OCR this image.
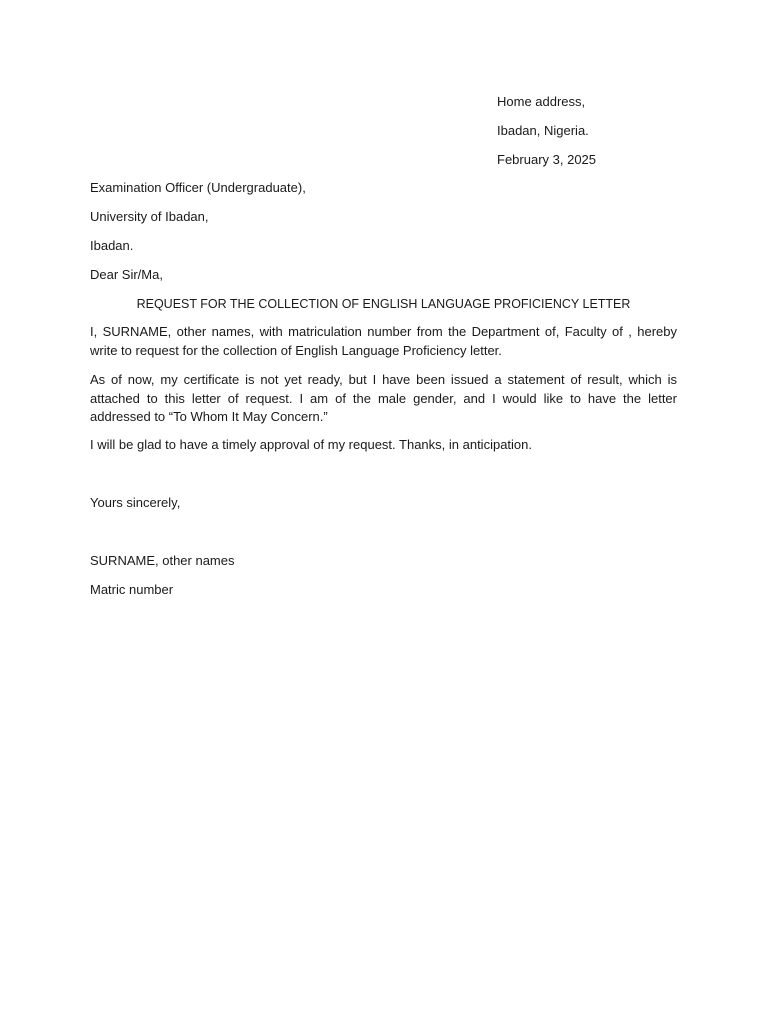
Home address,
Ibadan, Nigeria.
February 3, 2025
Examination Officer (Undergraduate),
University of Ibadan,
Ibadan.
Dear Sir/Ma,
REQUEST FOR THE COLLECTION OF ENGLISH LANGUAGE PROFICIENCY LETTER
I, SURNAME, other names, with matriculation number from the Department of, Faculty of , hereby write to request for the collection of English Language Proficiency letter.
As of now, my certificate is not yet ready, but I have been issued a statement of result, which is attached to this letter of request. I am of the male gender, and I would like to have the letter addressed to “To Whom It May Concern.”
I will be glad to have a timely approval of my request. Thanks, in anticipation.
Yours sincerely,
SURNAME, other names
Matric number
